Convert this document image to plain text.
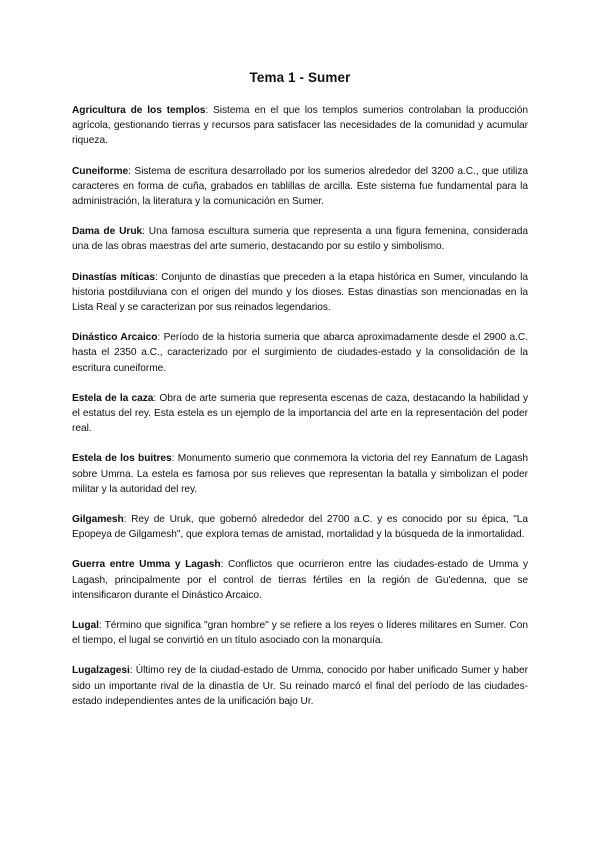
Tema 1 - Sumer

Agricultura de los templos: Sistema en el que los templos sumerios controlaban la producción agrícola, gestionando tierras y recursos para satisfacer las necesidades de la comunidad y acumular riqueza.

Cuneiforme: Sistema de escritura desarrollado por los sumerios alrededor del 3200 a.C., que utiliza caracteres en forma de cuña, grabados en tablillas de arcilla. Este sistema fue fundamental para la administración, la literatura y la comunicación en Sumer.

Dama de Uruk: Una famosa escultura sumeria que representa a una figura femenina, considerada una de las obras maestras del arte sumerio, destacando por su estilo y simbolismo.

Dinastías míticas: Conjunto de dinastías que preceden a la etapa histórica en Sumer, vinculando la historia postdiluviana con el origen del mundo y los dioses. Estas dinastías son mencionadas en la Lista Real y se caracterizan por sus reinados legendarios.

Dinástico Arcaico: Período de la historia sumeria que abarca aproximadamente desde el 2900 a.C. hasta el 2350 a.C., caracterizado por el surgimiento de ciudades-estado y la consolidación de la escritura cuneiforme.

Estela de la caza: Obra de arte sumeria que representa escenas de caza, destacando la habilidad y el estatus del rey. Esta estela es un ejemplo de la importancia del arte en la representación del poder real.

Estela de los buitres: Monumento sumerio que conmemora la victoria del rey Eannatum de Lagash sobre Umma. La estela es famosa por sus relieves que representan la batalla y simbolizan el poder militar y la autoridad del rey.

Gilgamesh: Rey de Uruk, que gobernó alrededor del 2700 a.C. y es conocido por su épica, "La Epopeya de Gilgamesh", que explora temas de amistad, mortalidad y la búsqueda de la inmortalidad.

Guerra entre Umma y Lagash: Conflictos que ocurrieron entre las ciudades-estado de Umma y Lagash, principalmente por el control de tierras fértiles en la región de Gu'edenna, que se intensificaron durante el Dinástico Arcaico.

Lugal: Término que significa "gran hombre" y se refiere a los reyes o líderes militares en Sumer. Con el tiempo, el lugal se convirtió en un título asociado con la monarquía.

Lugalzagesi: Último rey de la ciudad-estado de Umma, conocido por haber unificado Sumer y haber sido un importante rival de la dinastía de Ur. Su reinado marcó el final del período de las ciudades-estado independientes antes de la unificación bajo Ur.
